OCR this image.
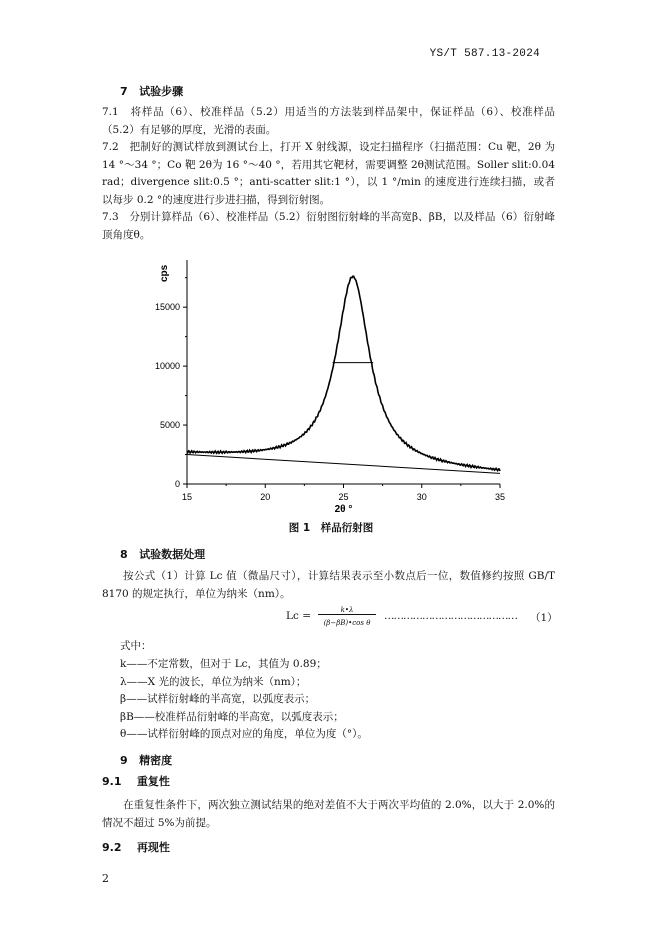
YS/T 587.13-2024
7 试验步骤
7.1　将样品（6）、校准样品（5.2）用适当的方法装到样品架中，保证样品（6）、校准样品（5.2）有足够的厚度，光滑的表面。
7.2　把制好的测试样放到测试台上，打开 X 射线源，设定扫描程序（扫描范围：Cu 靶，2θ 为 14 °～34 °；Co 靶 2θ为 16 °～40 °，若用其它靶材，需要调整 2θ测试范围。Soller slit:0.04 rad；divergence slit:0.5 °；anti-scatter slit:1 °），以 1 °/min 的速度进行连续扫描，或者以每步 0.2 °的速度进行步进扫描，得到衍射图。
7.3　分别计算样品（6）、校准样品（5.2）衍射图衍射峰的半高宽β、βB，以及样品（6）衍射峰顶角度θ。
15	20	25	30	35
0
5000
10000
15000
cps
2θ °
图 1　样品衍射图
8 试验数据处理
按公式（1）计算 Lc 值（微晶尺寸），计算结果表示至小数点后一位，数值修约按照 GB/T 8170 的规定执行，单位为纳米（nm）。
Lc =	k•λ
(β−βB)•cos θ
…………………………………… （1）
式中：
k——不定常数，但对于 Lc，其值为 0.89；
λ——X 光的波长，单位为纳米（nm）；
β——试样衍射峰的半高宽，以弧度表示；
βB——校准样品衍射峰的半高宽，以弧度表示；
θ——试样衍射峰的顶点对应的角度，单位为度（°）。
9 精密度
9.1 重复性
在重复性条件下，两次独立测试结果的绝对差值不大于两次平均值的 2.0%，以大于 2.0%的情况不超过 5%为前提。
9.2 再现性
2
